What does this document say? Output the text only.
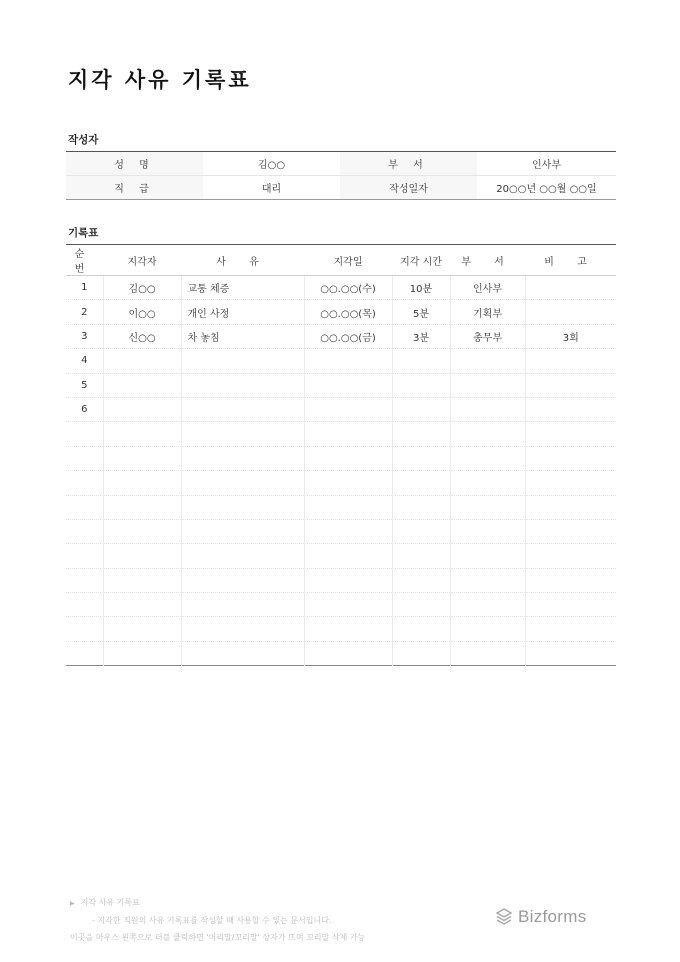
지각 사유 기록표
작성자
성 명	김○○	부 서	인사부
직 급	대리	작성일자	20○○년 ○○월 ○○일
기록표
순 번	지각자	사 유	지각일	지각 시간	부 서	비 고
1	김○○	교통 체증	○○.○○(수)	10분	인사부	
2	이○○	개인 사정	○○.○○(목)	5분	기획부	
3	신○○	차 놓침	○○.○○(금)	3분	총무부	3회
4						
5						
6						

▶ 지각 사유 기록표
- 지각한 직원의 사유 기록표를 작성할 때 사용할 수 있는 문서입니다.
이곳을 마우스 왼쪽으로 더블 클릭하면 '머리말/꼬리말' 상자가 뜨며 꼬리말 삭제 가능
Bizforms
